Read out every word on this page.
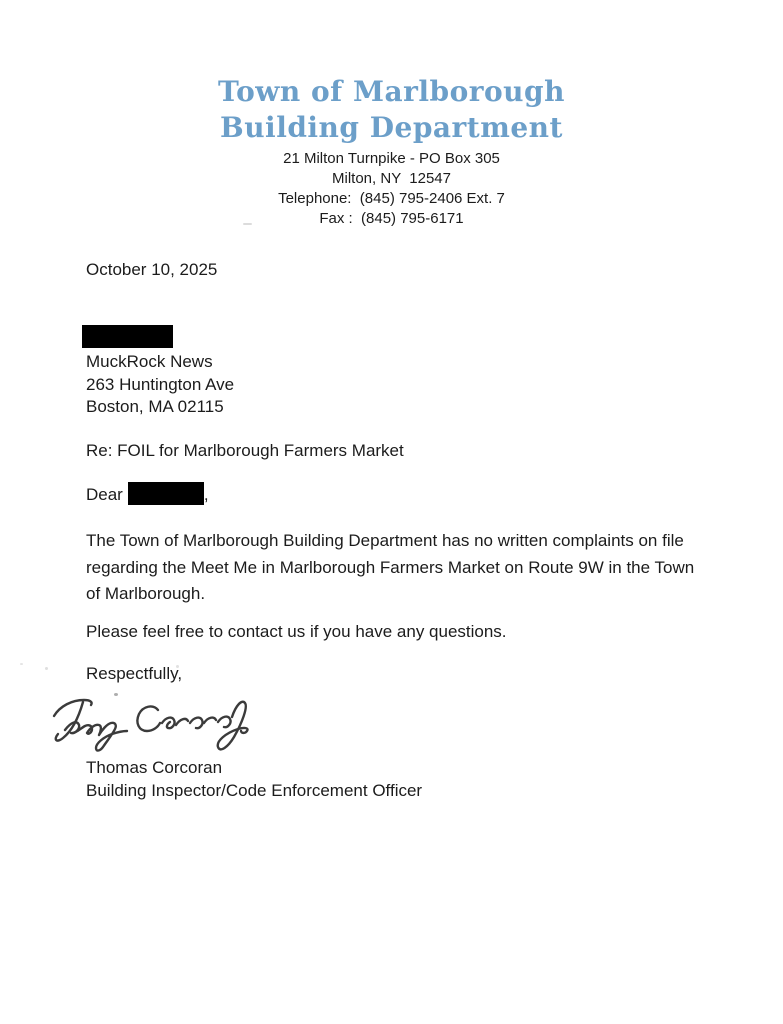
Town of Marlborough
Building Department
21 Milton Turnpike - PO Box 305
Milton, NY  12547
Telephone:  (845) 795-2406 Ext. 7
Fax :  (845) 795-6171
October 10, 2025
MuckRock News
263 Huntington Ave
Boston, MA 02115
Re: FOIL for Marlborough Farmers Market
Dear	,
The Town of Marlborough Building Department has no written complaints on file
regarding the Meet Me in Marlborough Farmers Market on Route 9W in the Town
of Marlborough.
Please feel free to contact us if you have any questions.
Respectfully,
Thomas Corcoran
Building Inspector/Code Enforcement Officer
